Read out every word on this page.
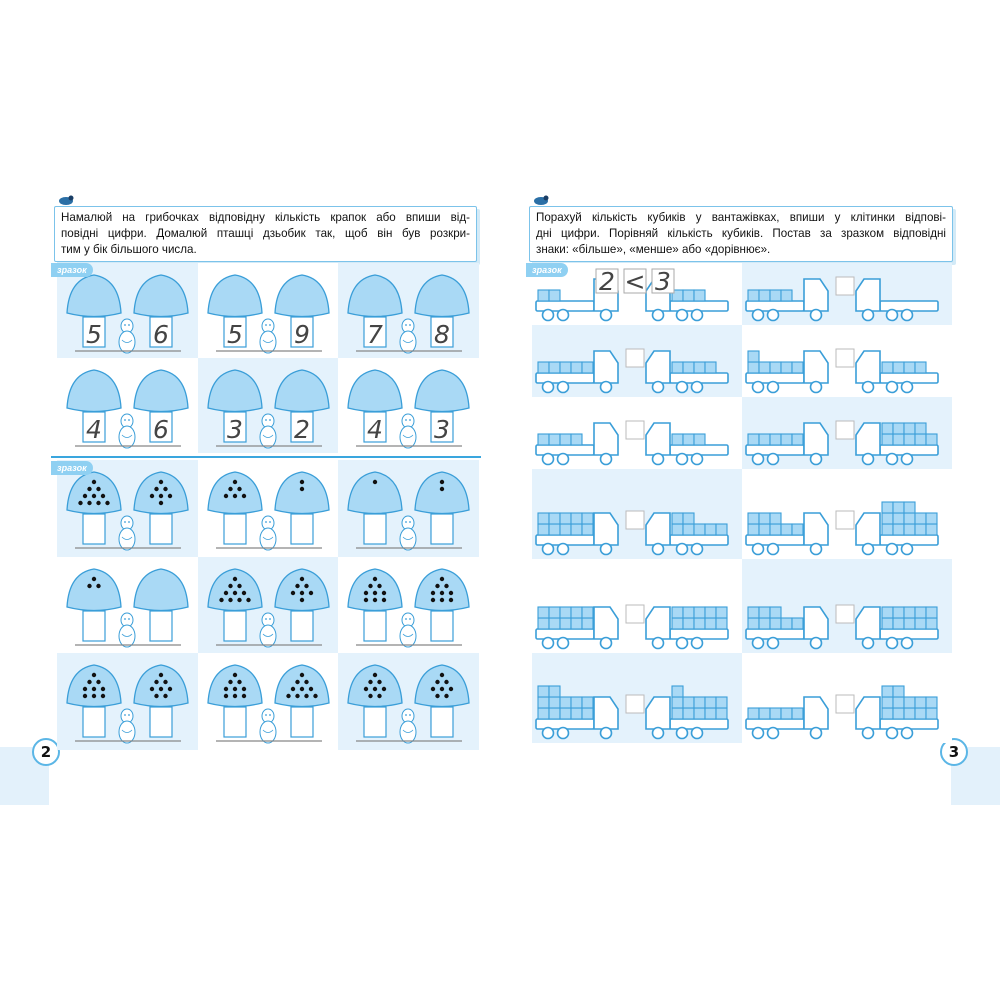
2
Намалюй на грибочках відповідну кількість крапок або впиши від-
повідні цифри. Домалюй пташці дзьобик так, щоб він був розкри-
тим у бік більшого числа.
5 6 5 9 7 8
4 6 3 2 4 3
зразок
зразок
3
Порахуй кількість кубиків у вантажівках, впиши у клітинки відпові-
дні цифри. Порівняй кількість кубиків. Постав за зразком відповідні
знаки: «більше», «менше» або «дорівнює».
2 < 3
зразок
